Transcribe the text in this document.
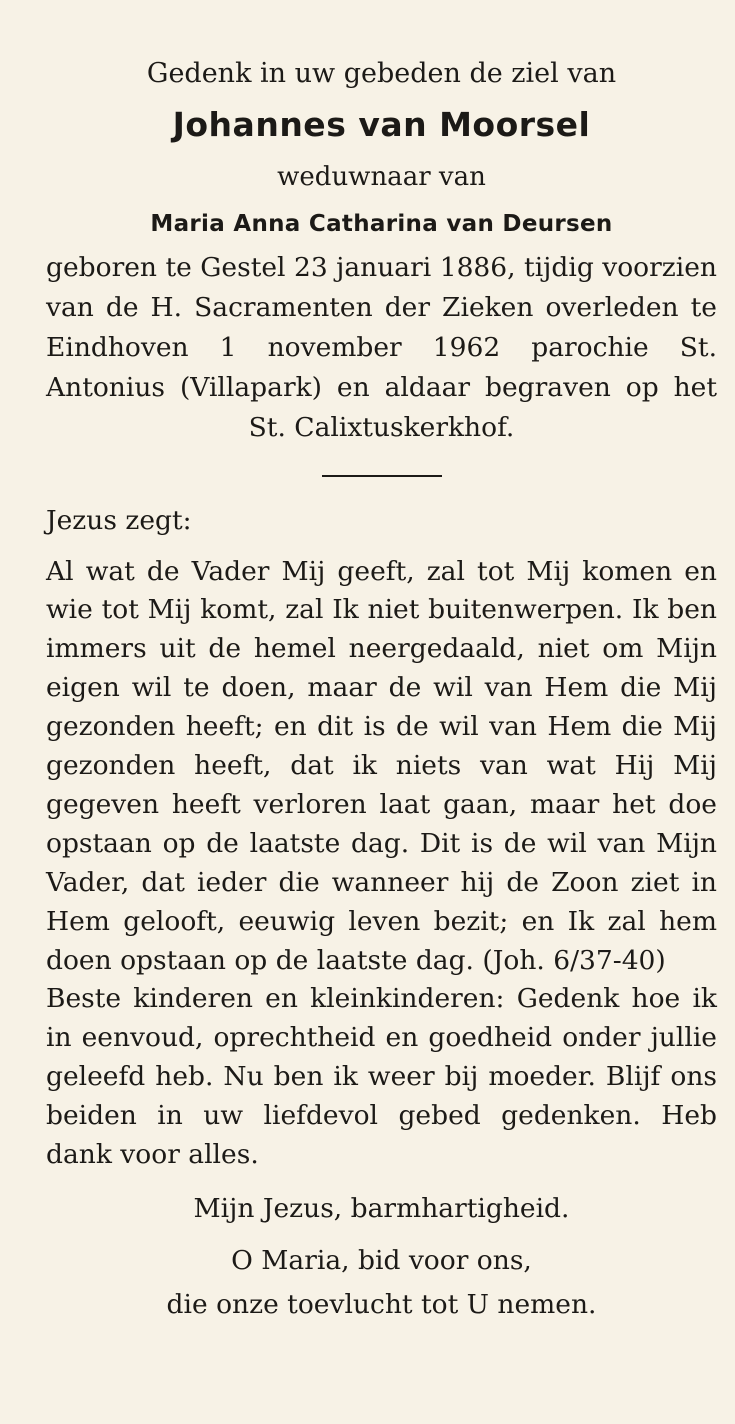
Gedenk in uw gebeden de ziel van
Johannes van Moorsel
weduwnaar van
Maria Anna Catharina van Deursen

geboren te Gestel 23 januari 1886, tijdig voorzien van de H. Sacramenten der Zieken overleden te Eindhoven 1 november 1962 parochie St. Antonius (Villapark) en aldaar begraven op het St. Calixtuskerkhof.

Jezus zegt:

Al wat de Vader Mij geeft, zal tot Mij komen en wie tot Mij komt, zal Ik niet buitenwerpen. Ik ben immers uit de hemel neergedaald, niet om Mijn eigen wil te doen, maar de wil van Hem die Mij gezonden heeft; en dit is de wil van Hem die Mij gezonden heeft, dat ik niets van wat Hij Mij gegeven heeft verloren laat gaan, maar het doe opstaan op de laatste dag. Dit is de wil van Mijn Vader, dat ieder die wanneer hij de Zoon ziet in Hem gelooft, eeuwig leven bezit; en Ik zal hem doen opstaan op de laatste dag. (Joh. 6/37-40)

Beste kinderen en kleinkinderen: Gedenk hoe ik in eenvoud, oprechtheid en goedheid onder jullie geleefd heb. Nu ben ik weer bij moeder. Blijf ons beiden in uw liefdevol gebed gedenken. Heb dank voor alles.

Mijn Jezus, barmhartigheid.

O Maria, bid voor ons,

die onze toevlucht tot U nemen.
